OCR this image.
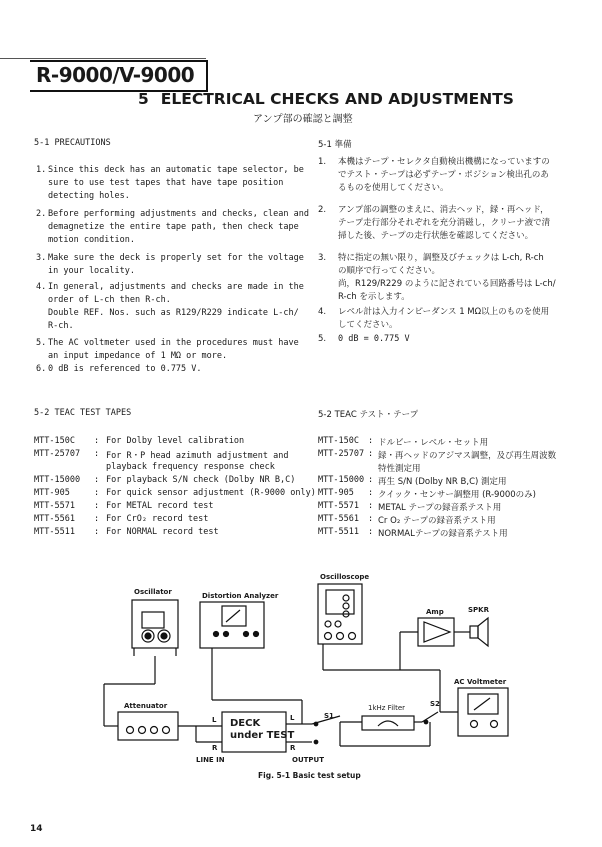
R-9000/V-9000
5 ELECTRICAL CHECKS AND ADJUSTMENTS
アンプ部の確認と調整
5-1 PRECAUTIONS	5-1 準備
1. Since this deck has an automatic tape selector, be
sure to use test tapes that have tape position
detecting holes.
2. Before performing adjustments and checks, clean and
demagnetize the entire tape path, then check tape
motion condition.
3. Make sure the deck is properly set for the voltage
in your locality.
4. In general, adjustments and checks are made in the
order of L-ch then R-ch.
Double REF. Nos. such as R129/R229 indicate L-ch/
R-ch.
5. The AC voltmeter used in the procedures must have
an input impedance of 1 MΩ or more.
6. 0 dB is referenced to 0.775 V.
1. 本機はテープ・セレクタ自動検出機構になっていますの
でテスト・テープは必ずテープ・ポジション検出孔のあ
るものを使用してください。
2. アンプ部の調整のまえに、消去ヘッド，録・再ヘッド，
テープ走行部分それぞれを充分消磁し，クリーナ液で清
掃した後、テープの走行状態を確認してください。
3. 特に指定の無い限り，調整及びチェックは L-ch, R-ch
の順序で行ってください。
尚，R129/R229 のように記されている回路番号は L-ch/
R-ch を示します。
4. レベル計は入力インピーダンス 1 MΩ以上のものを使用
してください。
5. 0 dB = 0.775 V
5-2 TEAC TEST TAPES	5-2 TEAC テスト・テープ
MTT-150C : For Dolby level calibration
MTT-25707 : For R・P head azimuth adjustment and
playback frequency response check
MTT-15000 : For playback S/N check (Dolby NR B,C)
MTT-905	: For quick sensor adjustment (R-9000 only)
MTT-5571 : For METAL record test
MTT-5561 : For CrO₂ record test
MTT-5511 : For NORMAL record test
MTT-150C : ドルビー・レベル・セット用
MTT-25707 : 録・再ヘッドのアジマス調整，及び再生周波数
特性測定用
MTT-15000 : 再生 S/N (Dolby NR B,C) 測定用
MTT-905 : クイック・センサー調整用 (R-9000のみ)
MTT-5571 : METAL テープの録音系テスト用
MTT-5561 : Cr O₂ テープの録音系テスト用
MTT-5511 : NORMALテープの録音系テスト用
Oscillator	Distortion Analyzer
Oscilloscope
Amp	SPKR
AC Voltmeter
1kHz Filter
S1
S2
Attenuator
DECK
under TEST
L
R
L
R
LINE IN	OUTPUT
Fig. 5-1 Basic test setup
14
